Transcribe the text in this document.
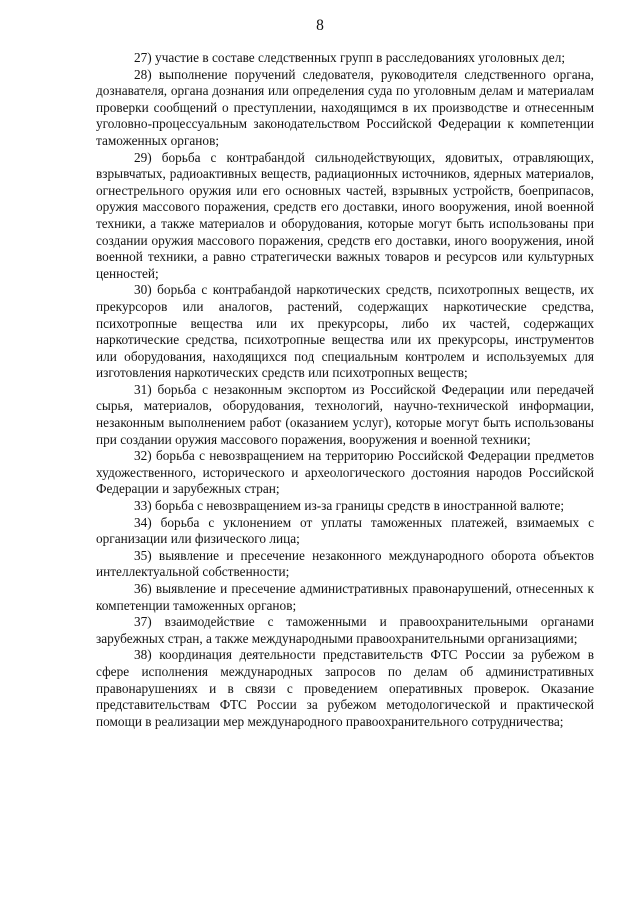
8

27) участие в составе следственных групп в расследованиях уголовных дел;

28) выполнение поручений следователя, руководителя следственного органа, дознавателя, органа дознания или определения суда по уголовным делам и материалам проверки сообщений о преступлении, находящимся в их производстве и отнесенным уголовно-процессуальным законодательством Российской Федерации к компетенции таможенных органов;

29) борьба с контрабандой сильнодействующих, ядовитых, отравляющих, взрывчатых, радиоактивных веществ, радиационных источников, ядерных материалов, огнестрельного оружия или его основных частей, взрывных устройств, боеприпасов, оружия массового поражения, средств его доставки, иного вооружения, иной военной техники, а также материалов и оборудования, которые могут быть использованы при создании оружия массового поражения, средств его доставки, иного вооружения, иной военной техники, а равно стратегически важных товаров и ресурсов или культурных ценностей;

30) борьба с контрабандой наркотических средств, психотропных веществ, их прекурсоров или аналогов, растений, содержащих наркотические средства, психотропные вещества или их прекурсоры, либо их частей, содержащих наркотические средства, психотропные вещества или их прекурсоры, инструментов или оборудования, находящихся под специальным контролем и используемых для изготовления наркотических средств или психотропных веществ;

31) борьба с незаконным экспортом из Российской Федерации или передачей сырья, материалов, оборудования, технологий, научно-технической информации, незаконным выполнением работ (оказанием услуг), которые могут быть использованы при создании оружия массового поражения, вооружения и военной техники;

32) борьба с невозвращением на территорию Российской Федерации предметов художественного, исторического и археологического достояния народов Российской Федерации и зарубежных стран;

33) борьба с невозвращением из-за границы средств в иностранной валюте;

34) борьба с уклонением от уплаты таможенных платежей, взимаемых с организации или физического лица;

35) выявление и пресечение незаконного международного оборота объектов интеллектуальной собственности;

36) выявление и пресечение административных правонарушений, отнесенных к компетенции таможенных органов;

37) взаимодействие с таможенными и правоохранительными органами зарубежных стран, а также международными правоохранительными организациями;

38) координация деятельности представительств ФТС России за рубежом в сфере исполнения международных запросов по делам об административных правонарушениях и в связи с проведением оперативных проверок. Оказание представительствам ФТС России за рубежом методологической и практической помощи в реализации мер международного правоохранительного сотрудничества;
